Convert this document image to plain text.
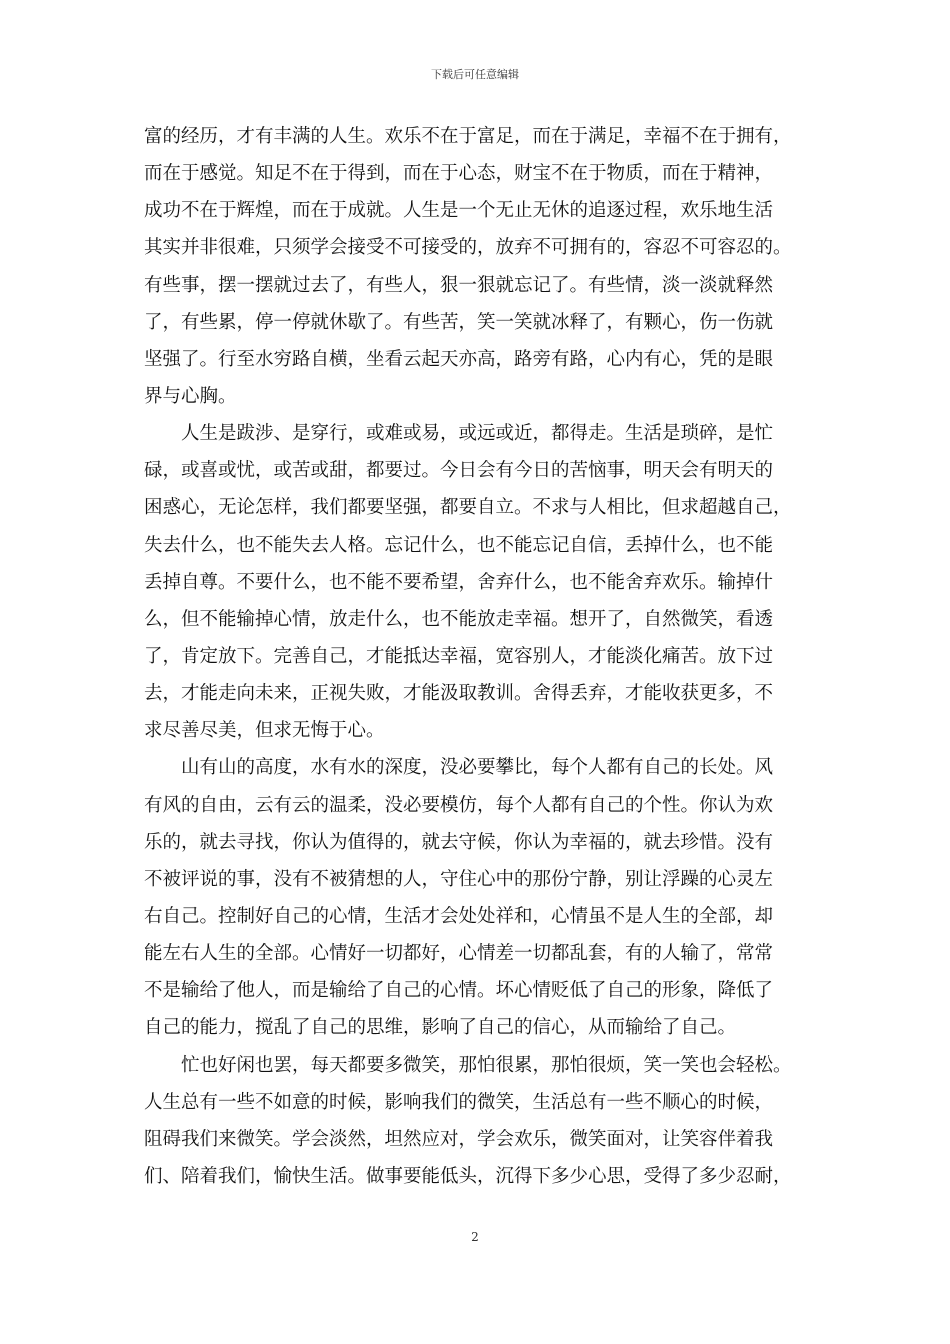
下载后可任意编辑
富的经历，才有丰满的人生。欢乐不在于富足，而在于满足，幸福不在于拥有，
而在于感觉。知足不在于得到，而在于心态，财宝不在于物质，而在于精神，
成功不在于辉煌，而在于成就。人生是一个无止无休的追逐过程，欢乐地生活
其实并非很难，只须学会接受不可接受的，放弃不可拥有的，容忍不可容忍的。
有些事，摆一摆就过去了，有些人，狠一狠就忘记了。有些情，淡一淡就释然
了，有些累，停一停就休歇了。有些苦，笑一笑就冰释了，有颗心，伤一伤就
坚强了。行至水穷路自横，坐看云起天亦高，路旁有路，心内有心，凭的是眼
界与心胸。
人生是跋涉、是穿行，或难或易，或远或近，都得走。生活是琐碎，是忙
碌，或喜或忧，或苦或甜，都要过。今日会有今日的苦恼事，明天会有明天的
困惑心，无论怎样，我们都要坚强，都要自立。不求与人相比，但求超越自己，
失去什么，也不能失去人格。忘记什么，也不能忘记自信，丢掉什么，也不能
丢掉自尊。不要什么，也不能不要希望，舍弃什么，也不能舍弃欢乐。输掉什
么，但不能输掉心情，放走什么，也不能放走幸福。想开了，自然微笑，看透
了，肯定放下。完善自己，才能抵达幸福，宽容别人，才能淡化痛苦。放下过
去，才能走向未来，正视失败，才能汲取教训。舍得丢弃，才能收获更多，不
求尽善尽美，但求无悔于心。
山有山的高度，水有水的深度，没必要攀比，每个人都有自己的长处。风
有风的自由，云有云的温柔，没必要模仿，每个人都有自己的个性。你认为欢
乐的，就去寻找，你认为值得的，就去守候，你认为幸福的，就去珍惜。没有
不被评说的事，没有不被猜想的人，守住心中的那份宁静，别让浮躁的心灵左
右自己。控制好自己的心情，生活才会处处祥和，心情虽不是人生的全部，却
能左右人生的全部。心情好一切都好，心情差一切都乱套，有的人输了，常常
不是输给了他人，而是输给了自己的心情。坏心情贬低了自己的形象，降低了
自己的能力，搅乱了自己的思维，影响了自己的信心，从而输给了自己。
忙也好闲也罢，每天都要多微笑，那怕很累，那怕很烦，笑一笑也会轻松。
人生总有一些不如意的时候，影响我们的微笑，生活总有一些不顺心的时候，
阻碍我们来微笑。学会淡然，坦然应对，学会欢乐，微笑面对，让笑容伴着我
们、陪着我们，愉快生活。做事要能低头，沉得下多少心思，受得了多少忍耐，
2
